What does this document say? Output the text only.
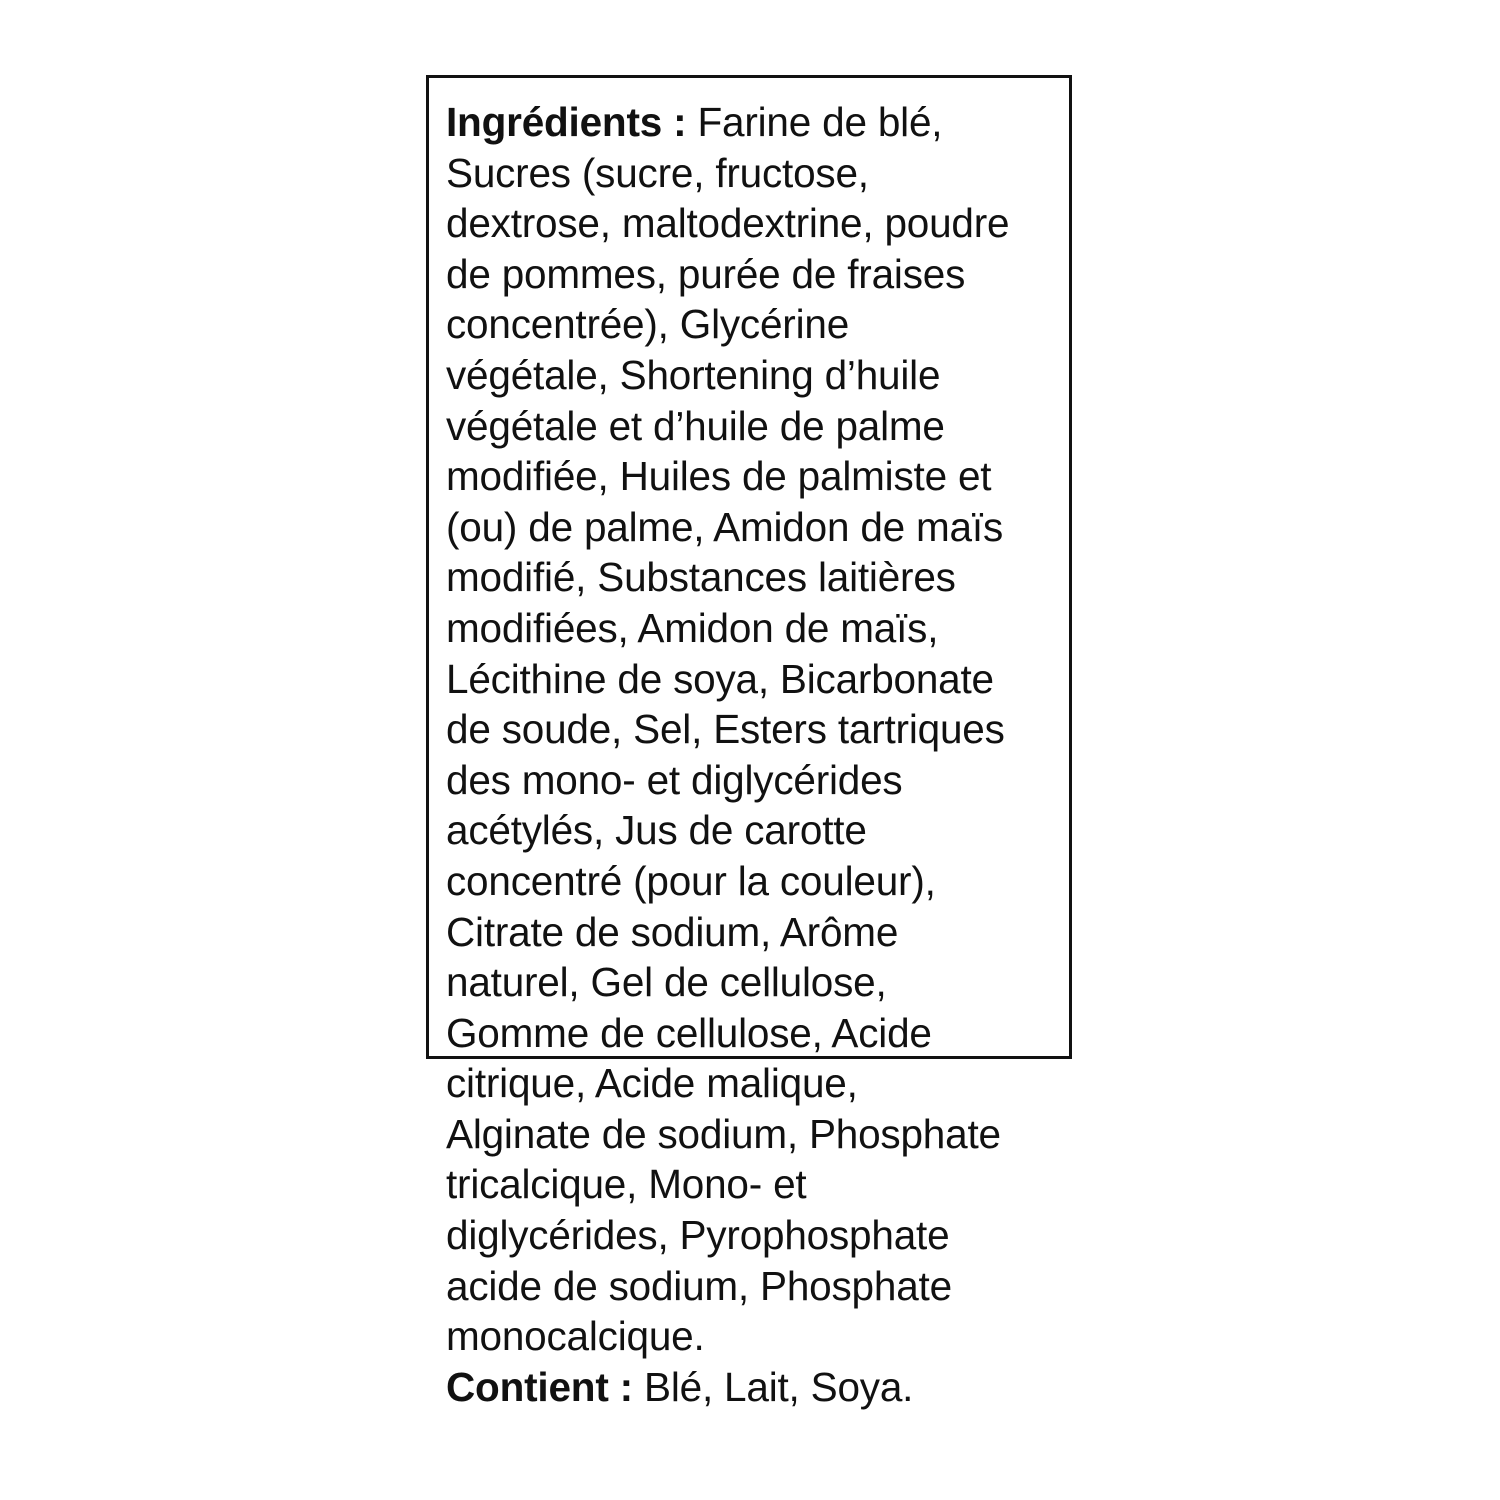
Ingrédients : Farine de blé,
Sucres (sucre, fructose,
dextrose, maltodextrine, poudre
de pommes, purée de fraises
concentrée), Glycérine
végétale, Shortening d’huile
végétale et d’huile de palme
modifiée, Huiles de palmiste et
(ou) de palme, Amidon de maïs
modifié, Substances laitières
modifiées, Amidon de maïs,
Lécithine de soya, Bicarbonate
de soude, Sel, Esters tartriques
des mono- et diglycérides
acétylés, Jus de carotte
concentré (pour la couleur),
Citrate de sodium, Arôme
naturel, Gel de cellulose,
Gomme de cellulose, Acide
citrique, Acide malique,
Alginate de sodium, Phosphate
tricalcique, Mono- et
diglycérides, Pyrophosphate
acide de sodium, Phosphate
monocalcique.
Contient : Blé, Lait, Soya.
